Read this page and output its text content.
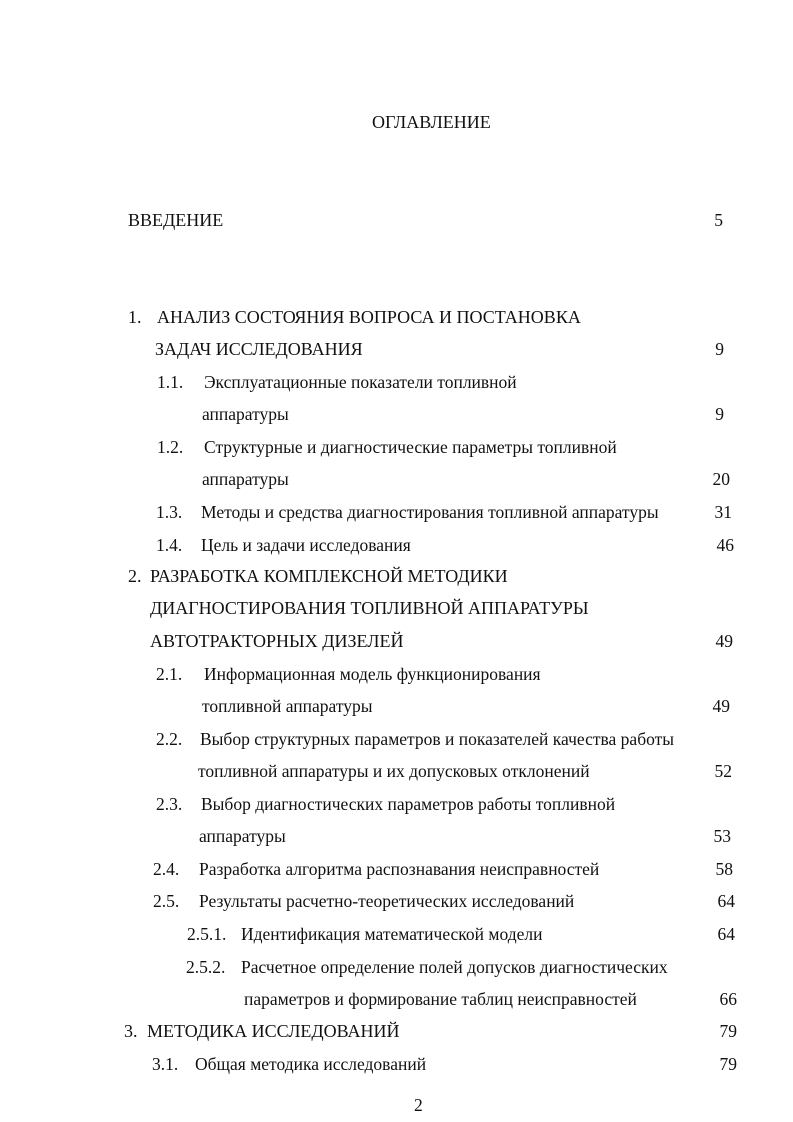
ОГЛАВЛЕНИЕ
ВВЕДЕНИЕ	5
1. АНАЛИЗ СОСТОЯНИЯ ВОПРОСА И ПОСТАНОВКА
ЗАДАЧ ИССЛЕДОВАНИЯ	9
1.1. Эксплуатационные показатели топливной
аппаратуры	9
1.2. Структурные и диагностические параметры топливной
аппаратуры	20
1.3. Методы и средства диагностирования топливной аппаратуры	31
1.4. Цель и задачи исследования	46
2. РАЗРАБОТКА КОМПЛЕКСНОЙ МЕТОДИКИ
ДИАГНОСТИРОВАНИЯ ТОПЛИВНОЙ АППАРАТУРЫ
АВТОТРАКТОРНЫХ ДИЗЕЛЕЙ	49
2.1. Информационная модель функционирования
топливной аппаратуры	49
2.2. Выбор структурных параметров и показателей качества работы
топливной аппаратуры и их допусковых отклонений	52
2.3. Выбор диагностических параметров работы топливной
аппаратуры	53
2.4. Разработка алгоритма распознавания неисправностей	58
2.5. Результаты расчетно-теоретических исследований	64
2.5.1. Идентификация математической модели	64
2.5.2. Расчетное определение полей допусков диагностических
параметров и формирование таблиц неисправностей	66
3. МЕТОДИКА ИССЛЕДОВАНИЙ	79
3.1. Общая методика исследований	79
2
